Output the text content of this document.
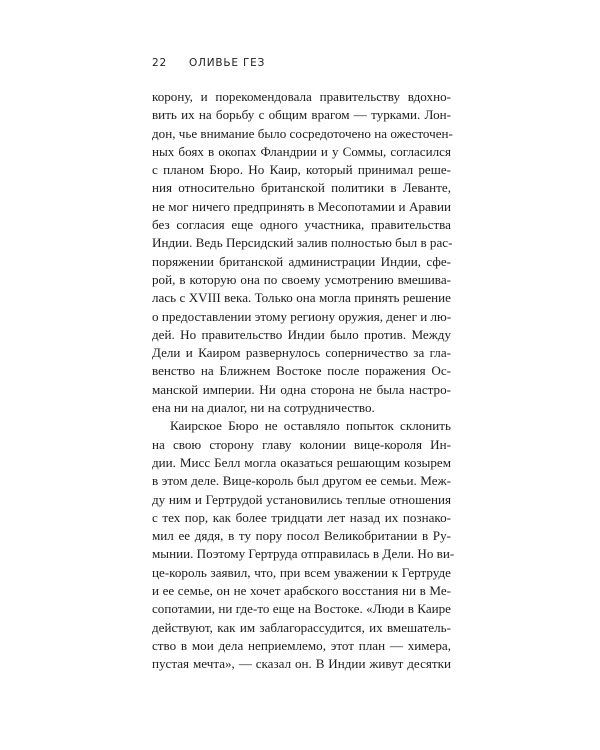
22 ОЛИВЬЕ ГЕЗ
корону, и порекомендовала правительству вдохно-
вить их на борьбу с общим врагом — турками. Лон-
дон, чье внимание было сосредоточено на ожесточен-
ных боях в окопах Фландрии и у Соммы, согласился
с планом Бюро. Но Каир, который принимал реше-
ния относительно британской политики в Леванте,
не мог ничего предпринять в Месопотамии и Аравии
без согласия еще одного участника, правительства
Индии. Ведь Персидский залив полностью был в рас-
поряжении британской администрации Индии, сфе-
рой, в которую она по своему усмотрению вмешива-
лась с XVIII века. Только она могла принять решение
о предоставлении этому региону оружия, денег и лю-
дей. Но правительство Индии было против. Между
Дели и Каиром развернулось соперничество за гла-
венство на Ближнем Востоке после поражения Ос-
манской империи. Ни одна сторона не была настро-
ена ни на диалог, ни на сотрудничество.
Каирское Бюро не оставляло попыток склонить
на свою сторону главу колонии вице-короля Ин-
дии. Мисс Белл могла оказаться решающим козырем
в этом деле. Вице-король был другом ее семьи. Меж-
ду ним и Гертрудой установились теплые отношения
с тех пор, как более тридцати лет назад их познако-
мил ее дядя, в ту пору посол Великобритании в Ру-
мынии. Поэтому Гертруда отправилась в Дели. Но ви-
це-король заявил, что, при всем уважении к Гертруде
и ее семье, он не хочет арабского восстания ни в Ме-
сопотамии, ни где-то еще на Востоке. «Люди в Каире
действуют, как им заблагорассудится, их вмешатель-
ство в мои дела неприемлемо, этот план — химера,
пустая мечта», — сказал он. В Индии живут десятки
